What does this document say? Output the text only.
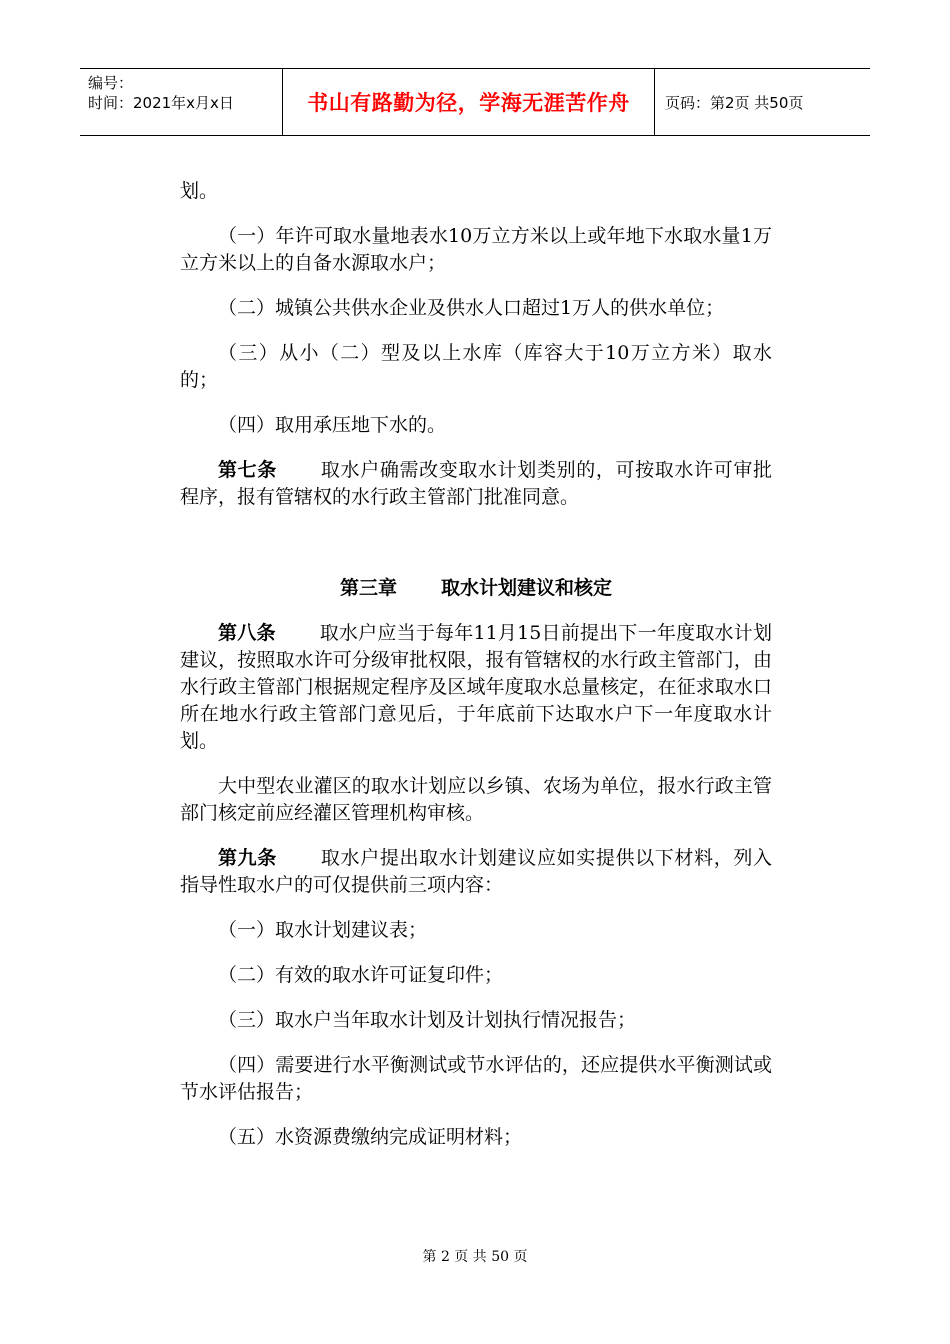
编号：
时间：2021年x月x日	书山有路勤为径，学海无涯苦作舟	页码：第2页 共50页

划。

（一）年许可取水量地表水10万立方米以上或年地下水取水量1万立方米以上的自备水源取水户；

（二）城镇公共供水企业及供水人口超过1万人的供水单位；

（三）从小（二）型及以上水库（库容大于10万立方米）取水的；

（四）取用承压地下水的。

第七条 取水户确需改变取水计划类别的，可按取水许可审批程序，报有管辖权的水行政主管部门批准同意。

第三章 取水计划建议和核定

第八条 取水户应当于每年11月15日前提出下一年度取水计划建议，按照取水许可分级审批权限，报有管辖权的水行政主管部门，由水行政主管部门根据规定程序及区域年度取水总量核定，在征求取水口所在地水行政主管部门意见后，于年底前下达取水户下一年度取水计划。

大中型农业灌区的取水计划应以乡镇、农场为单位，报水行政主管部门核定前应经灌区管理机构审核。

第九条 取水户提出取水计划建议应如实提供以下材料，列入指导性取水户的可仅提供前三项内容：

（一）取水计划建议表；

（二）有效的取水许可证复印件；

（三）取水户当年取水计划及计划执行情况报告；

（四）需要进行水平衡测试或节水评估的，还应提供水平衡测试或节水评估报告；

（五）水资源费缴纳完成证明材料；

第 2 页 共 50 页
